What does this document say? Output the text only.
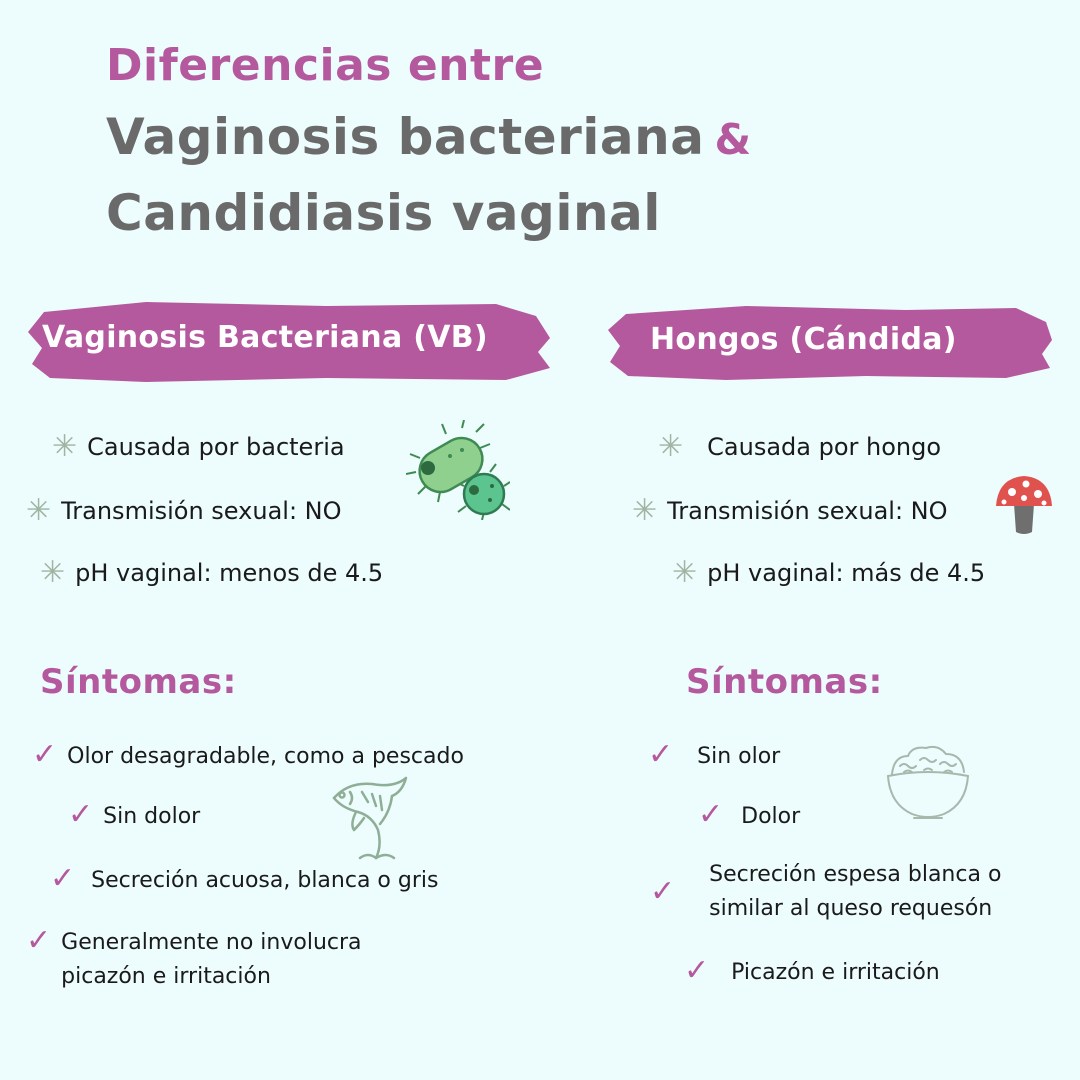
Diferencias entre
Vaginosis bacteriana &
Candidiasis vaginal
Vaginosis Bacteriana (VB)	Hongos (Cándida)
✳ Causada por bacteria
✳ Transmisión sexual: NO
✳ pH vaginal: menos de 4.5
✳ Causada por hongo
✳ Transmisión sexual: NO
✳ pH vaginal: más de 4.5
Síntomas:	Síntomas:
✓ Olor desagradable, como a pescado
✓ Sin dolor
✓ Secreción acuosa, blanca o gris
✓ Generalmente no involucra picazón e irritación
✓ Sin olor
✓ Dolor
✓ Secreción espesa blanca o similar al queso requesón
✓ Picazón e irritación
